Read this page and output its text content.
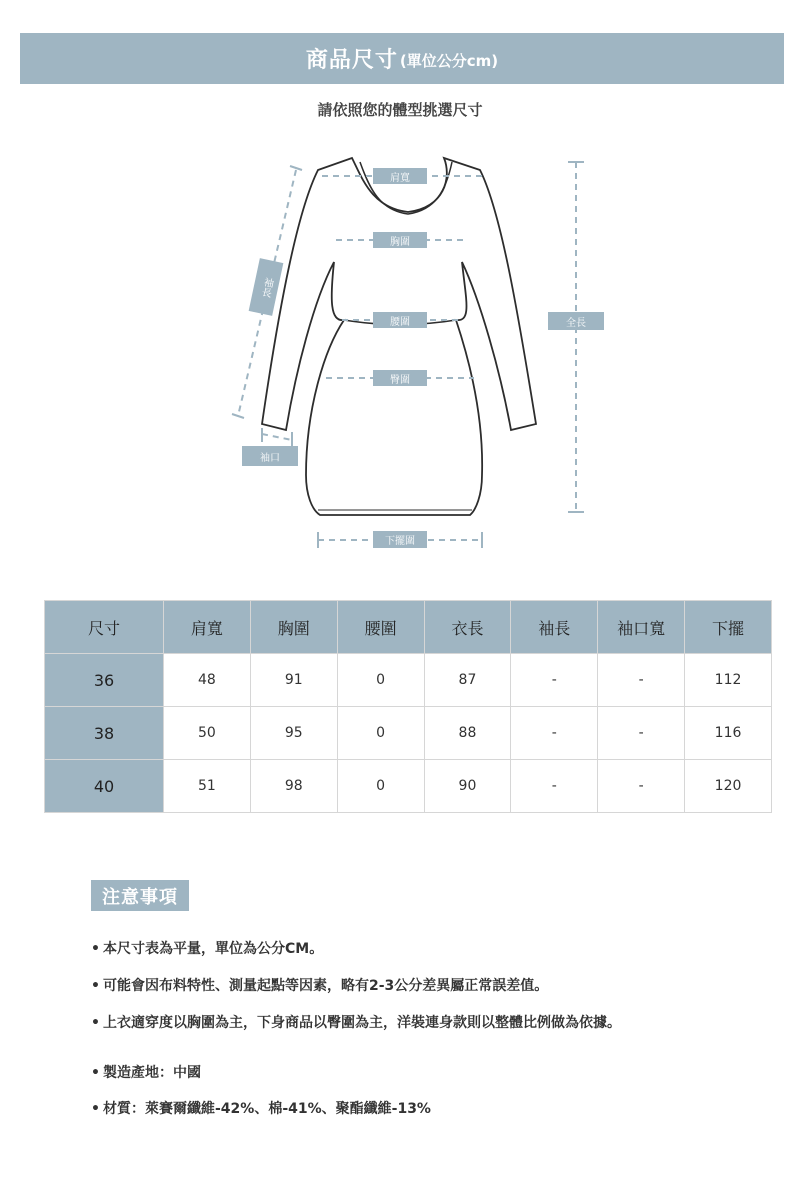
商品尺寸 (單位公分cm)
請依照您的體型挑選尺寸
肩寬
胸圍
腰圍
臀圍
下擺圍
全長
袖口
袖長
尺寸	肩寬	胸圍	腰圍	衣長	袖長	袖口寬	下擺
36	48	91	0	87	-	-	112
38	50	95	0	88	-	-	116
40	51	98	0	90	-	-	120
注意事項
• 本尺寸表為平量，單位為公分CM。
• 可能會因布料特性、測量起點等因素，略有2-3公分差異屬正常誤差值。
• 上衣適穿度以胸圍為主，下身商品以臀圍為主，洋裝連身款則以整體比例做為依據。
• 製造產地：中國
• 材質：萊賽爾纖維-42%、棉-41%、聚酯纖維-13%
